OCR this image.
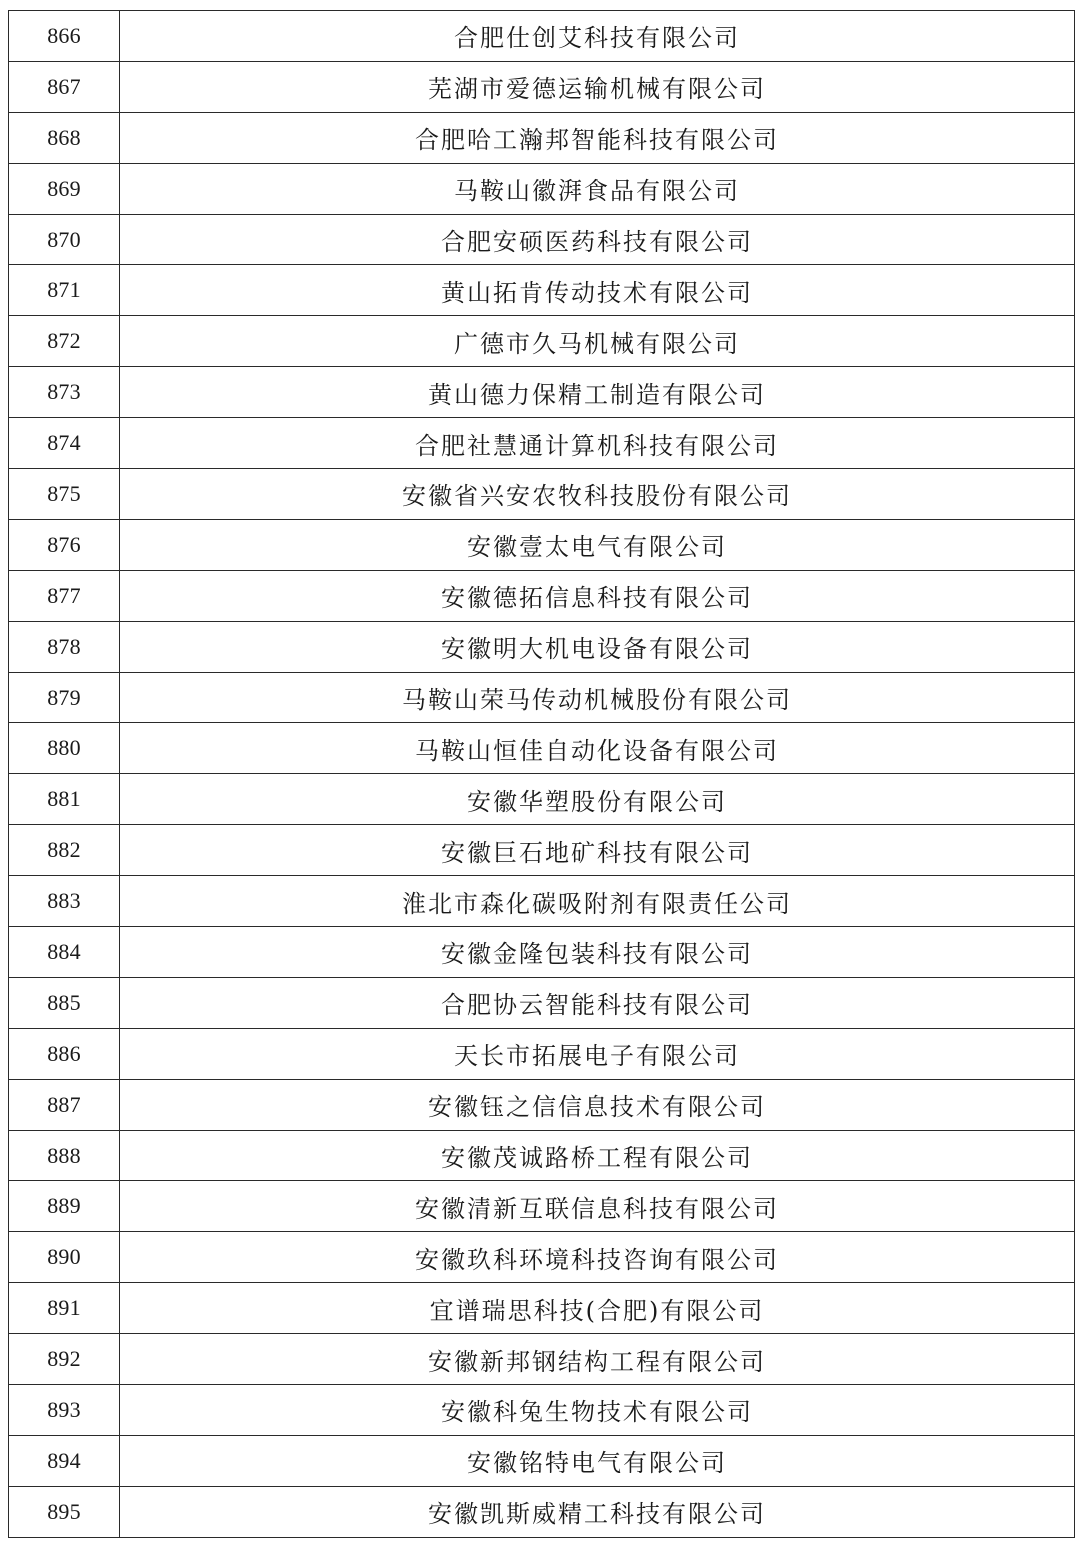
866	合肥仕创艾科技有限公司
867	芜湖市爱德运输机械有限公司
868	合肥哈工瀚邦智能科技有限公司
869	马鞍山徽湃食品有限公司
870	合肥安硕医药科技有限公司
871	黄山拓肯传动技术有限公司
872	广德市久马机械有限公司
873	黄山德力保精工制造有限公司
874	合肥社慧通计算机科技有限公司
875	安徽省兴安农牧科技股份有限公司
876	安徽壹太电气有限公司
877	安徽德拓信息科技有限公司
878	安徽明大机电设备有限公司
879	马鞍山荣马传动机械股份有限公司
880	马鞍山恒佳自动化设备有限公司
881	安徽华塑股份有限公司
882	安徽巨石地矿科技有限公司
883	淮北市森化碳吸附剂有限责任公司
884	安徽金隆包装科技有限公司
885	合肥协云智能科技有限公司
886	天长市拓展电子有限公司
887	安徽钰之信信息技术有限公司
888	安徽茂诚路桥工程有限公司
889	安徽清新互联信息科技有限公司
890	安徽玖科环境科技咨询有限公司
891	宜谱瑞思科技(合肥)有限公司
892	安徽新邦钢结构工程有限公司
893	安徽科兔生物技术有限公司
894	安徽铭特电气有限公司
895	安徽凯斯威精工科技有限公司
